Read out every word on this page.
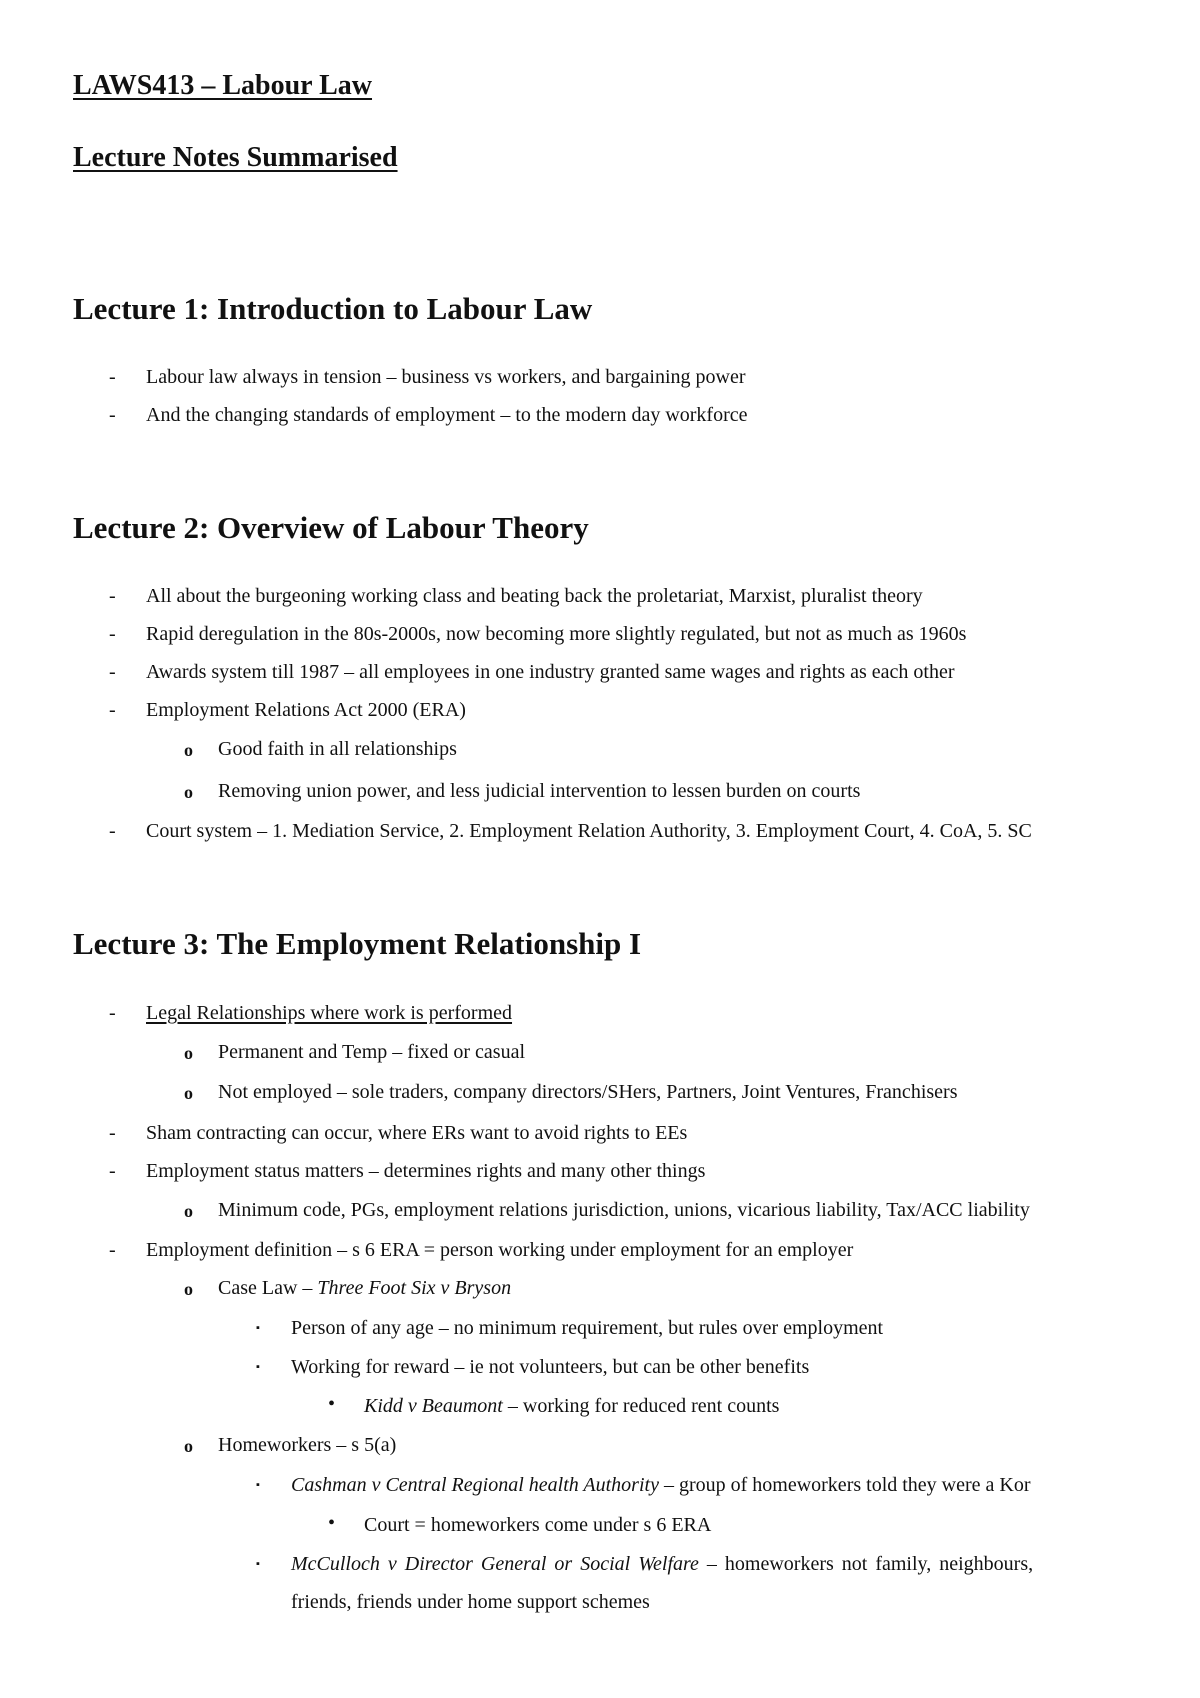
LAWS413 – Labour Law
Lecture Notes Summarised
Lecture 1: Introduction to Labour Law
- Labour law always in tension – business vs workers, and bargaining power
- And the changing standards of employment – to the modern day workforce
Lecture 2: Overview of Labour Theory
- All about the burgeoning working class and beating back the proletariat, Marxist, pluralist theory
- Rapid deregulation in the 80s-2000s, now becoming more slightly regulated, but not as much as 1960s
- Awards system till 1987 – all employees in one industry granted same wages and rights as each other
- Employment Relations Act 2000 (ERA)
o Good faith in all relationships
o Removing union power, and less judicial intervention to lessen burden on courts
- Court system – 1. Mediation Service, 2. Employment Relation Authority, 3. Employment Court, 4. CoA, 5. SC
Lecture 3: The Employment Relationship I
- Legal Relationships where work is performed
o Permanent and Temp – fixed or casual
o Not employed – sole traders, company directors/SHers, Partners, Joint Ventures, Franchisers
- Sham contracting can occur, where ERs want to avoid rights to EEs
- Employment status matters – determines rights and many other things
o Minimum code, PGs, employment relations jurisdiction, unions, vicarious liability, Tax/ACC liability
- Employment definition – s 6 ERA = person working under employment for an employer
o Case Law – Three Foot Six v Bryson
▪ Person of any age – no minimum requirement, but rules over employment
▪ Working for reward – ie not volunteers, but can be other benefits
• Kidd v Beaumont – working for reduced rent counts
o Homeworkers – s 5(a)
▪ Cashman v Central Regional health Authority – group of homeworkers told they were a Kor
• Court = homeworkers come under s 6 ERA
▪ McCulloch v Director General or Social Welfare – homeworkers not family, neighbours,
friends, friends under home support schemes
